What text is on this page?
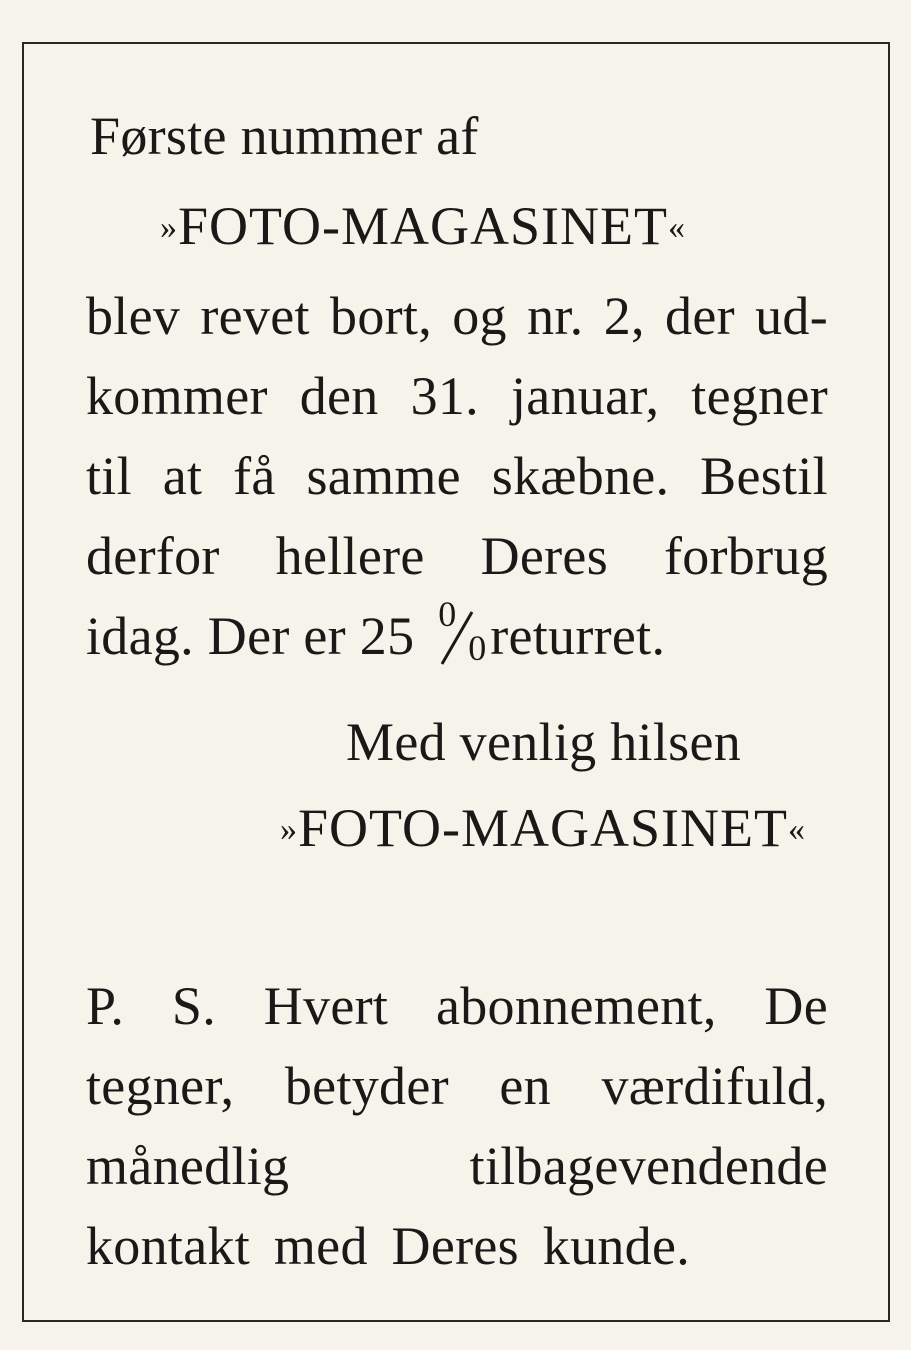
Første nummer af

»FOTO-MAGASINET«

blev revet bort, og nr. 2, der ud-

kommer den 31. januar, tegner

til at få samme skæbne. Bestil

derfor hellere Deres forbrug

idag. Der er 25 0
0 returret.

Med venlig hilsen

»FOTO-MAGASINET«

P. S. Hvert abonnement, De

tegner, betyder en værdifuld,

månedlig tilbagevendende

kontakt med Deres kunde.
